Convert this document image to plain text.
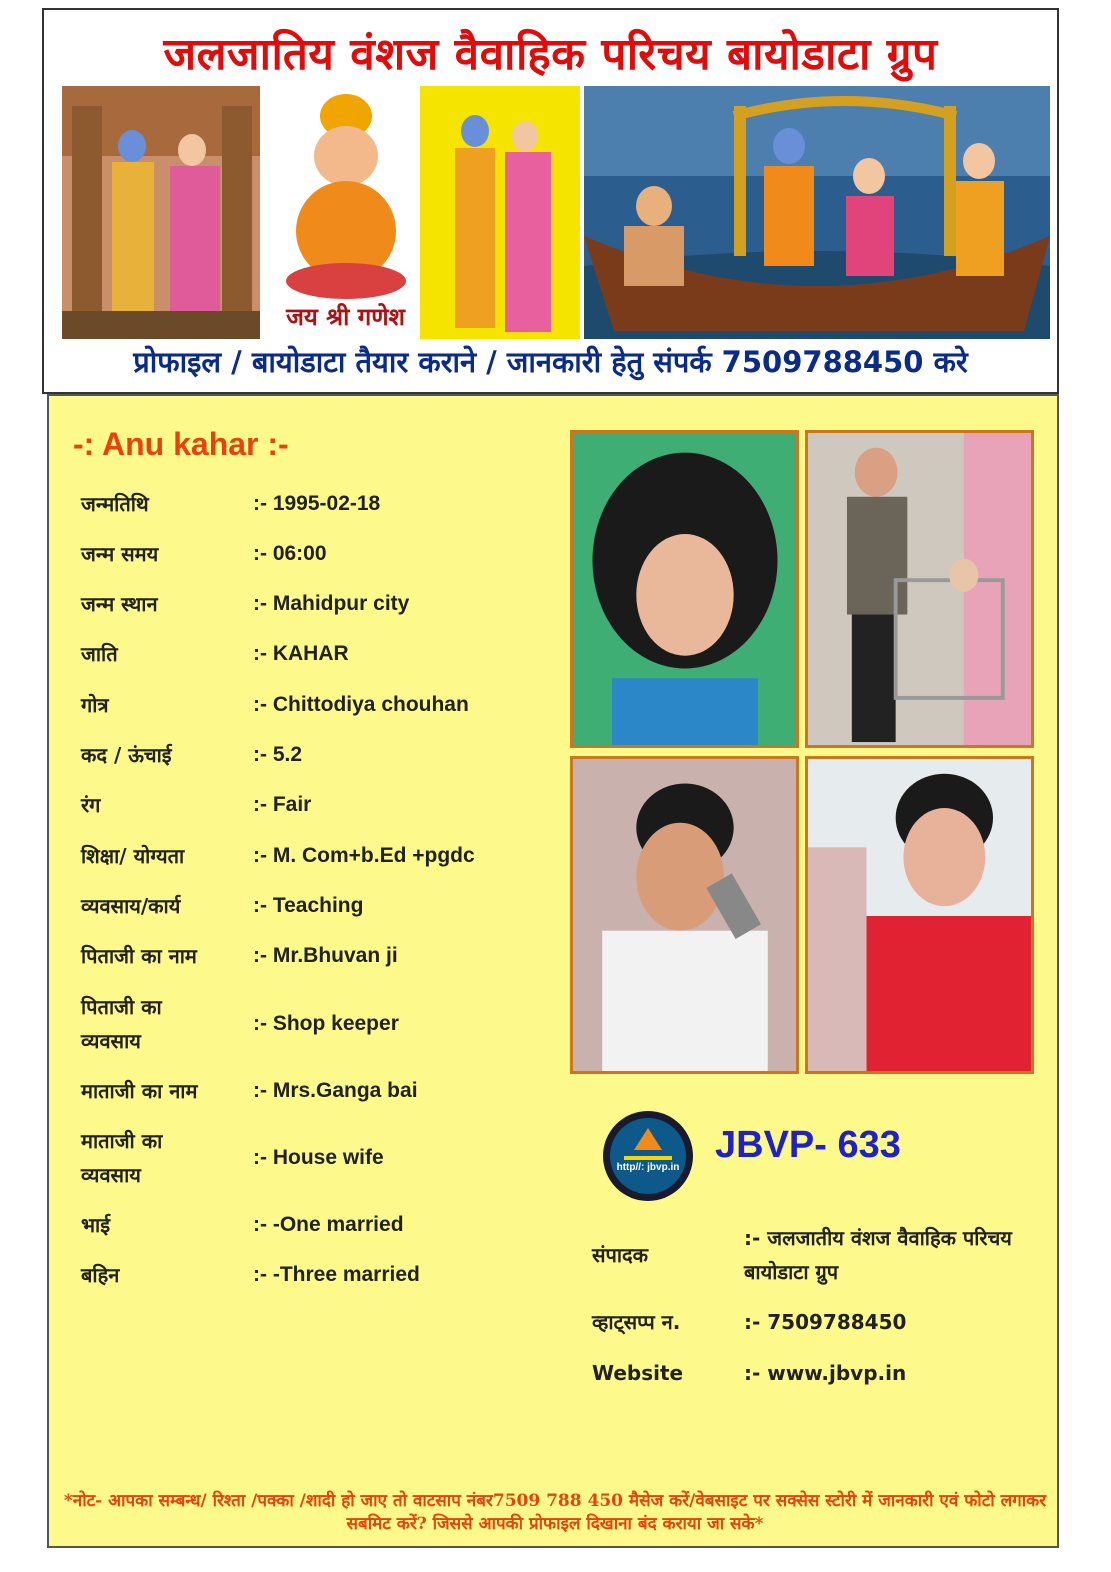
जलजातिय वंशज वैवाहिक परिचय बायोडाटा ग्रुप
जय श्री गणेश
प्रोफाइल / बायोडाटा तैयार कराने / जानकारी हेतु संपर्क 7509788450 करे
-: Anu kahar :-
जन्मतिथि	:- 1995-02-18
जन्म समय	:- 06:00
जन्म स्थान	:- Mahidpur city
जाति	:- KAHAR
गोत्र	:- Chittodiya chouhan
कद / ऊंचाई	:- 5.2
रंग	:- Fair
शिक्षा/ योग्यता	:- M. Com+b.Ed +pgdc
व्यवसाय/कार्य	:- Teaching
पिताजी का नाम	:- Mr.Bhuvan ji
पिताजी का व्यवसाय
:- Shop keeper
माताजी का नाम	:- Mrs.Ganga bai
माताजी का व्यवसाय
:- House wife
भाई	:- -One married
बहिन	:- -Three married
http//: jbvp.in
JBVP- 633
संपादक
:- जलजातीय वंशज वैवाहिक परिचय बायोडाटा ग्रुप
व्हाट्सप्प न.	:- 7509788450
Website	:- www.jbvp.in
*नोट- आपका सम्बन्ध/ रिश्ता /पक्का /शादी हो जाए तो वाटसाप नंबर7509 788 450 मैसेज करें/वेबसाइट पर सक्सेस स्टोरी में जानकारी एवं फोटो लगाकर सबमिट करें? जिससे आपकी प्रोफाइल दिखाना बंद कराया जा सके*
